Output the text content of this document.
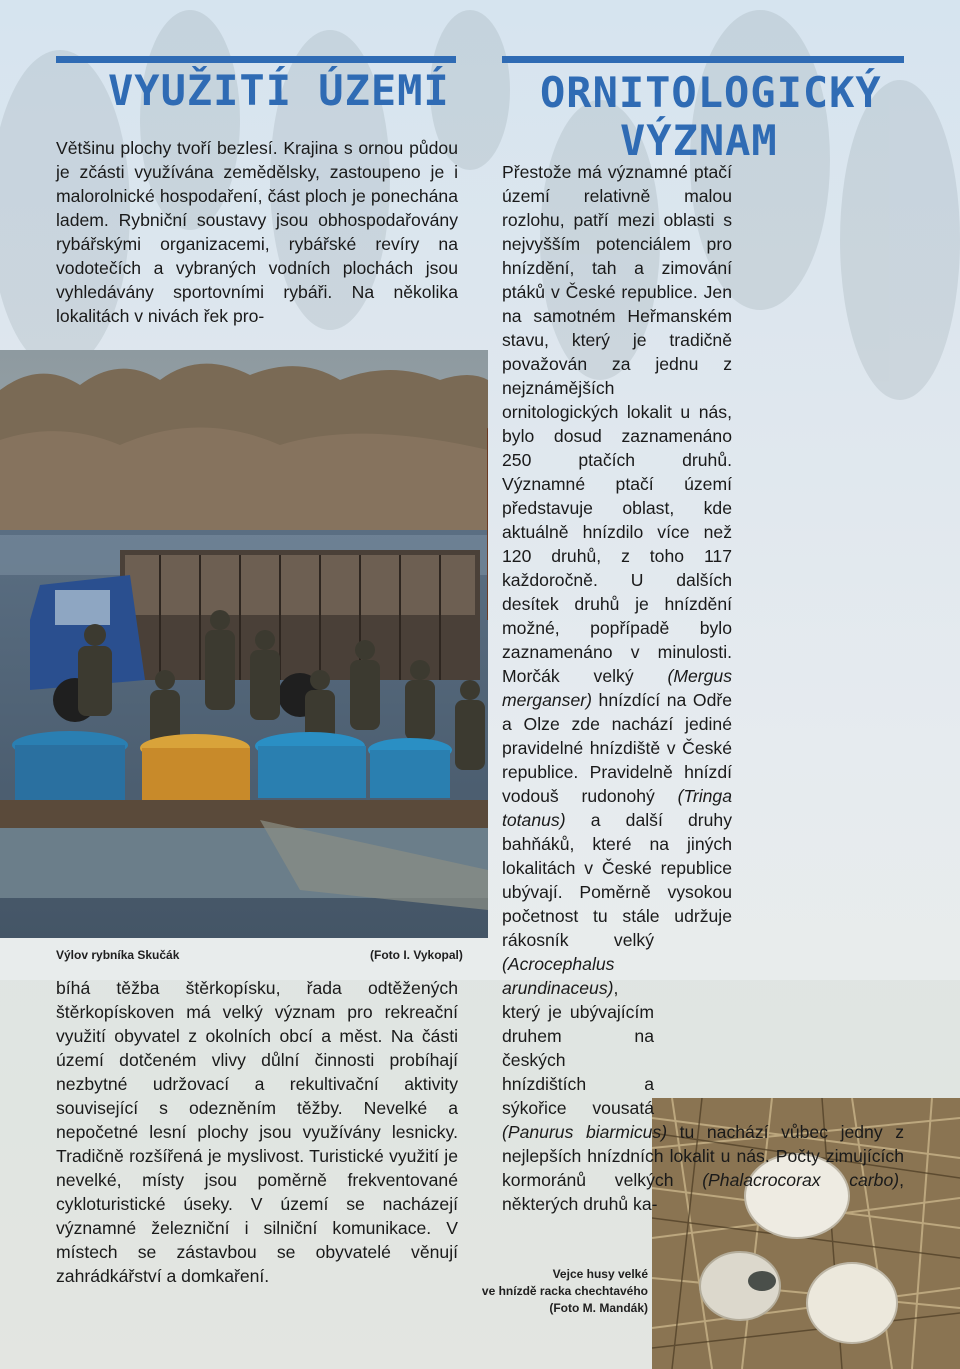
VYUŽITÍ ÚZEMÍ

Většinu plochy tvoří bezlesí. Krajina s ornou půdou je zčásti využívána zemědělsky, zastoupeno je i malorolnické hospodaření, část ploch je ponechána ladem. Rybniční soustavy jsou obhospodařovány rybářskými organizacemi, rybářské revíry na vodotečích a vybraných vodních plochách jsou vyhledávány sportovními rybáři. Na několika lokalitách v nivách řek pro-

Výlov rybníka Skučák	(Foto I. Vykopal)

bíhá těžba štěrkopísku, řada odtěžených štěrkopískoven má velký význam pro rekreační využití obyvatel z okolních obcí a měst. Na části území dotčeném vlivy důlní činnosti probíhají nezbytné udržovací a rekultivační aktivity související s odezněním těžby. Nevelké a nepočetné lesní plochy jsou využívány lesnicky. Tradičně rozšířená je myslivost. Turistické využití je nevelké, místy jsou poměrně frekventované cykloturistické úseky. V území se nacházejí významné železniční i silniční komunikace. V místech se zástavbou se obyvatelé věnují zahrádkářství a domkaření.

ORNITOLOGICKÝ
VÝZNAM

Přestože má významné ptačí území relativně malou rozlohu, patří mezi oblasti s nejvyšším potenciálem pro hnízdění, tah a zimování ptáků v České republice. Jen na samotném Heřmanském stavu, který je tradičně považován za jednu z nejznámějších ornitologických lokalit u nás, bylo dosud zaznamenáno 250 ptačích druhů. Významné ptačí území představuje oblast, kde aktuálně hnízdilo více než 120 druhů, z toho 117 každoročně. U dalších desítek druhů je hnízdění možné, popřípadě bylo zaznamenáno v minulosti. Morčák velký (Mergus merganser) hnízdící na Odře a Olze zde nachází jediné pravidelné hnízdiště v České republice. Pravidelně hnízdí vodouš rudonohý (Tringa totanus) a další druhy bahňáků, které na jiných lokalitách v České republice ubývají. Poměrně vysokou početnost tu stále udržuje rákosník velký (Acrocephalus arundinaceus), který je ubývajícím druhem na českých hnízdištích a sýkořice vousatá (Panurus biarmicus) tu nachází vůbec jedny z nejlepších hnízdních lokalit u nás. Počty zimujících kormoránů velkých (Phalacrocorax carbo), některých druhů ka-

Vejce husy velké
ve hnízdě racka chechtavého
(Foto M. Mandák)
